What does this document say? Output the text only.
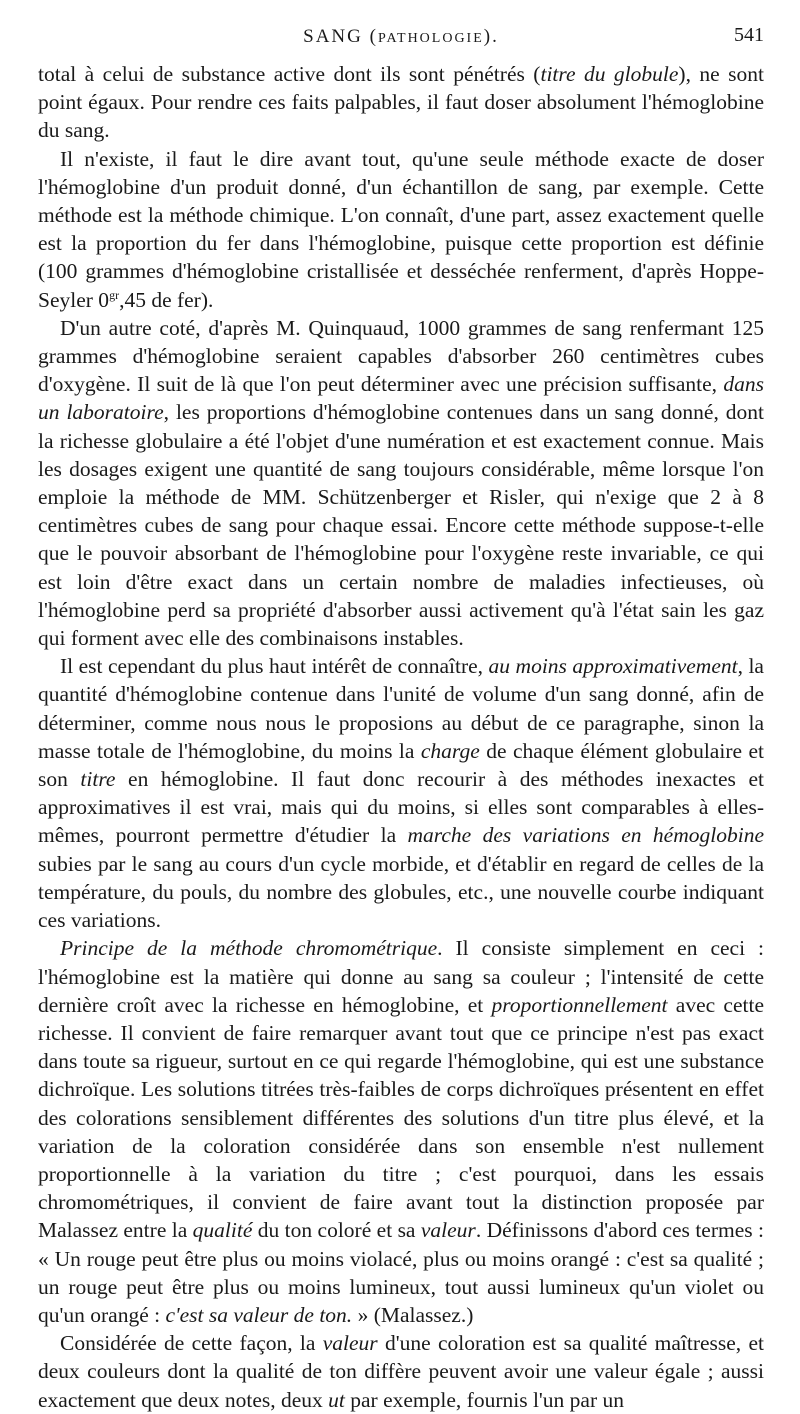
SANG (PATHOLOGIE).	541

total à celui de substance active dont ils sont pénétrés (titre du globule), ne sont point égaux. Pour rendre ces faits palpables, il faut doser absolument l'hémoglobine du sang.

Il n'existe, il faut le dire avant tout, qu'une seule méthode exacte de doser l'hémoglobine d'un produit donné, d'un échantillon de sang, par exemple. Cette méthode est la méthode chimique. L'on connaît, d'une part, assez exactement quelle est la proportion du fer dans l'hémoglobine, puisque cette proportion est définie (100 grammes d'hémoglobine cristallisée et desséchée renferment, d'après Hoppe-Seyler $0^{gr},45$ de fer).

D'un autre coté, d'après M. Quinquaud, 1000 grammes de sang renfermant 125 grammes d'hémoglobine seraient capables d'absorber 260 centimètres cubes d'oxygène. Il suit de là que l'on peut déterminer avec une précision suffisante, dans un laboratoire, les proportions d'hémoglobine contenues dans un sang donné, dont la richesse globulaire a été l'objet d'une numération et est exactement connue. Mais les dosages exigent une quantité de sang toujours considérable, même lorsque l'on emploie la méthode de MM. Schützenberger et Risler, qui n'exige que 2 à 8 centimètres cubes de sang pour chaque essai. Encore cette méthode suppose-t-elle que le pouvoir absorbant de l'hémoglobine pour l'oxygène reste invariable, ce qui est loin d'être exact dans un certain nombre de maladies infectieuses, où l'hémoglobine perd sa propriété d'absorber aussi activement qu'à l'état sain les gaz qui forment avec elle des combinaisons instables.

Il est cependant du plus haut intérêt de connaître, au moins approximativement, la quantité d'hémoglobine contenue dans l'unité de volume d'un sang donné, afin de déterminer, comme nous nous le proposions au début de ce paragraphe, sinon la masse totale de l'hémoglobine, du moins la charge de chaque élément globulaire et son titre en hémoglobine. Il faut donc recourir à des méthodes inexactes et approximatives il est vrai, mais qui du moins, si elles sont comparables à elles-mêmes, pourront permettre d'étudier la marche des variations en hémoglobine subies par le sang au cours d'un cycle morbide, et d'établir en regard de celles de la température, du pouls, du nombre des globules, etc., une nouvelle courbe indiquant ces variations.

Principe de la méthode chromométrique. Il consiste simplement en ceci : l'hémoglobine est la matière qui donne au sang sa couleur ; l'intensité de cette dernière croît avec la richesse en hémoglobine, et proportionnellement avec cette richesse. Il convient de faire remarquer avant tout que ce principe n'est pas exact dans toute sa rigueur, surtout en ce qui regarde l'hémoglobine, qui est une substance dichroïque. Les solutions titrées très-faibles de corps dichroïques présentent en effet des colorations sensiblement différentes des solutions d'un titre plus élevé, et la variation de la coloration considérée dans son ensemble n'est nullement proportionnelle à la variation du titre ; c'est pourquoi, dans les essais chromométriques, il convient de faire avant tout la distinction proposée par Malassez entre la qualité du ton coloré et sa valeur. Définissons d'abord ces termes : « Un rouge peut être plus ou moins violacé, plus ou moins orangé : c'est sa qualité ; un rouge peut être plus ou moins lumineux, tout aussi lumineux qu'un violet ou qu'un orangé : c'est sa valeur de ton. » (Malassez.)

Considérée de cette façon, la valeur d'une coloration est sa qualité maîtresse, et deux couleurs dont la qualité de ton diffère peuvent avoir une valeur égale ; aussi exactement que deux notes, deux ut par exemple, fournis l'un par un
